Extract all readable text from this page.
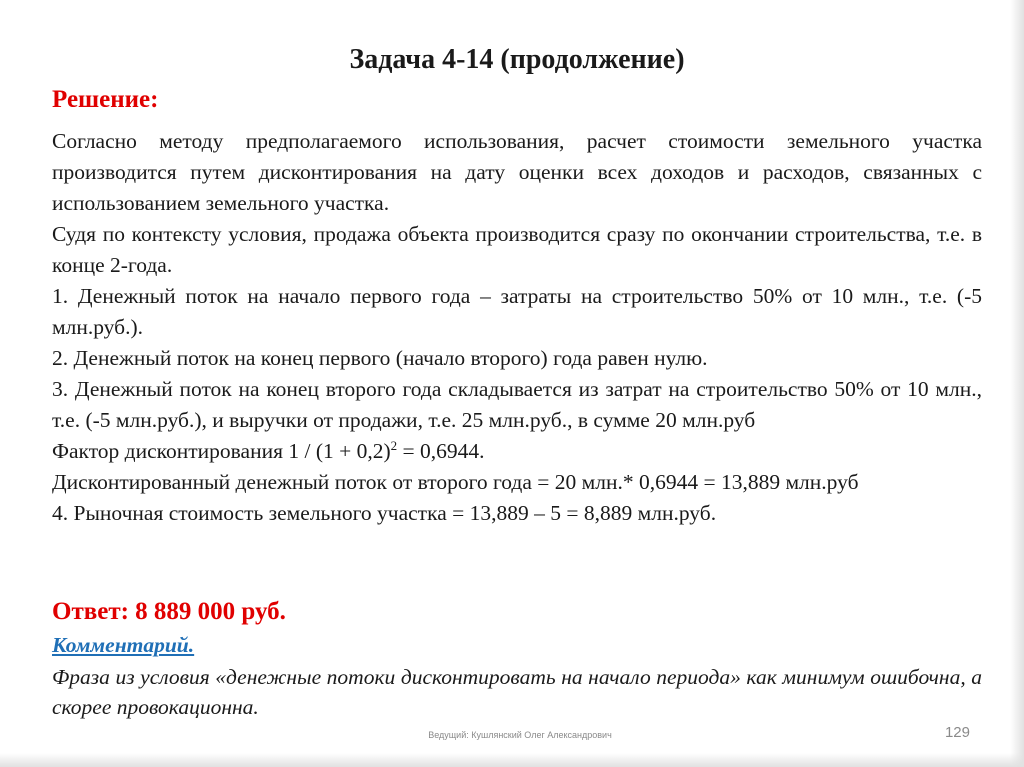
Задача 4-14 (продолжение)
Решение:

Согласно методу предполагаемого использования, расчет стоимости земельного участка производится путем дисконтирования на дату оценки всех доходов и расходов, связанных с использованием земельного участка.

Судя по контексту условия, продажа объекта производится сразу по окончании строительства, т.е. в конце 2-года.

1. Денежный поток на начало первого года – затраты на строительство 50% от 10 млн., т.е. (-5 млн.руб.).

2. Денежный поток на конец первого (начало второго) года равен нулю.

3. Денежный поток на конец второго года складывается из затрат на строительство 50% от 10 млн., т.е. (-5 млн.руб.), и выручки от продажи, т.е. 25 млн.руб., в сумме 20 млн.руб

Фактор дисконтирования $1 / (1 + 0,2)^2 = 0,6944$.

Дисконтированный денежный поток от второго года = 20 млн.* 0,6944 = 13,889 млн.руб

4. Рыночная стоимость земельного участка = 13,889 – 5 = 8,889 млн.руб.

Ответ: 8 889 000 руб.
Комментарий.
Фраза из условия «денежные потоки дисконтировать на начало периода» как минимум ошибочна, а скорее провокационна.
Ведущий: Кушлянский Олег Александрович	129
